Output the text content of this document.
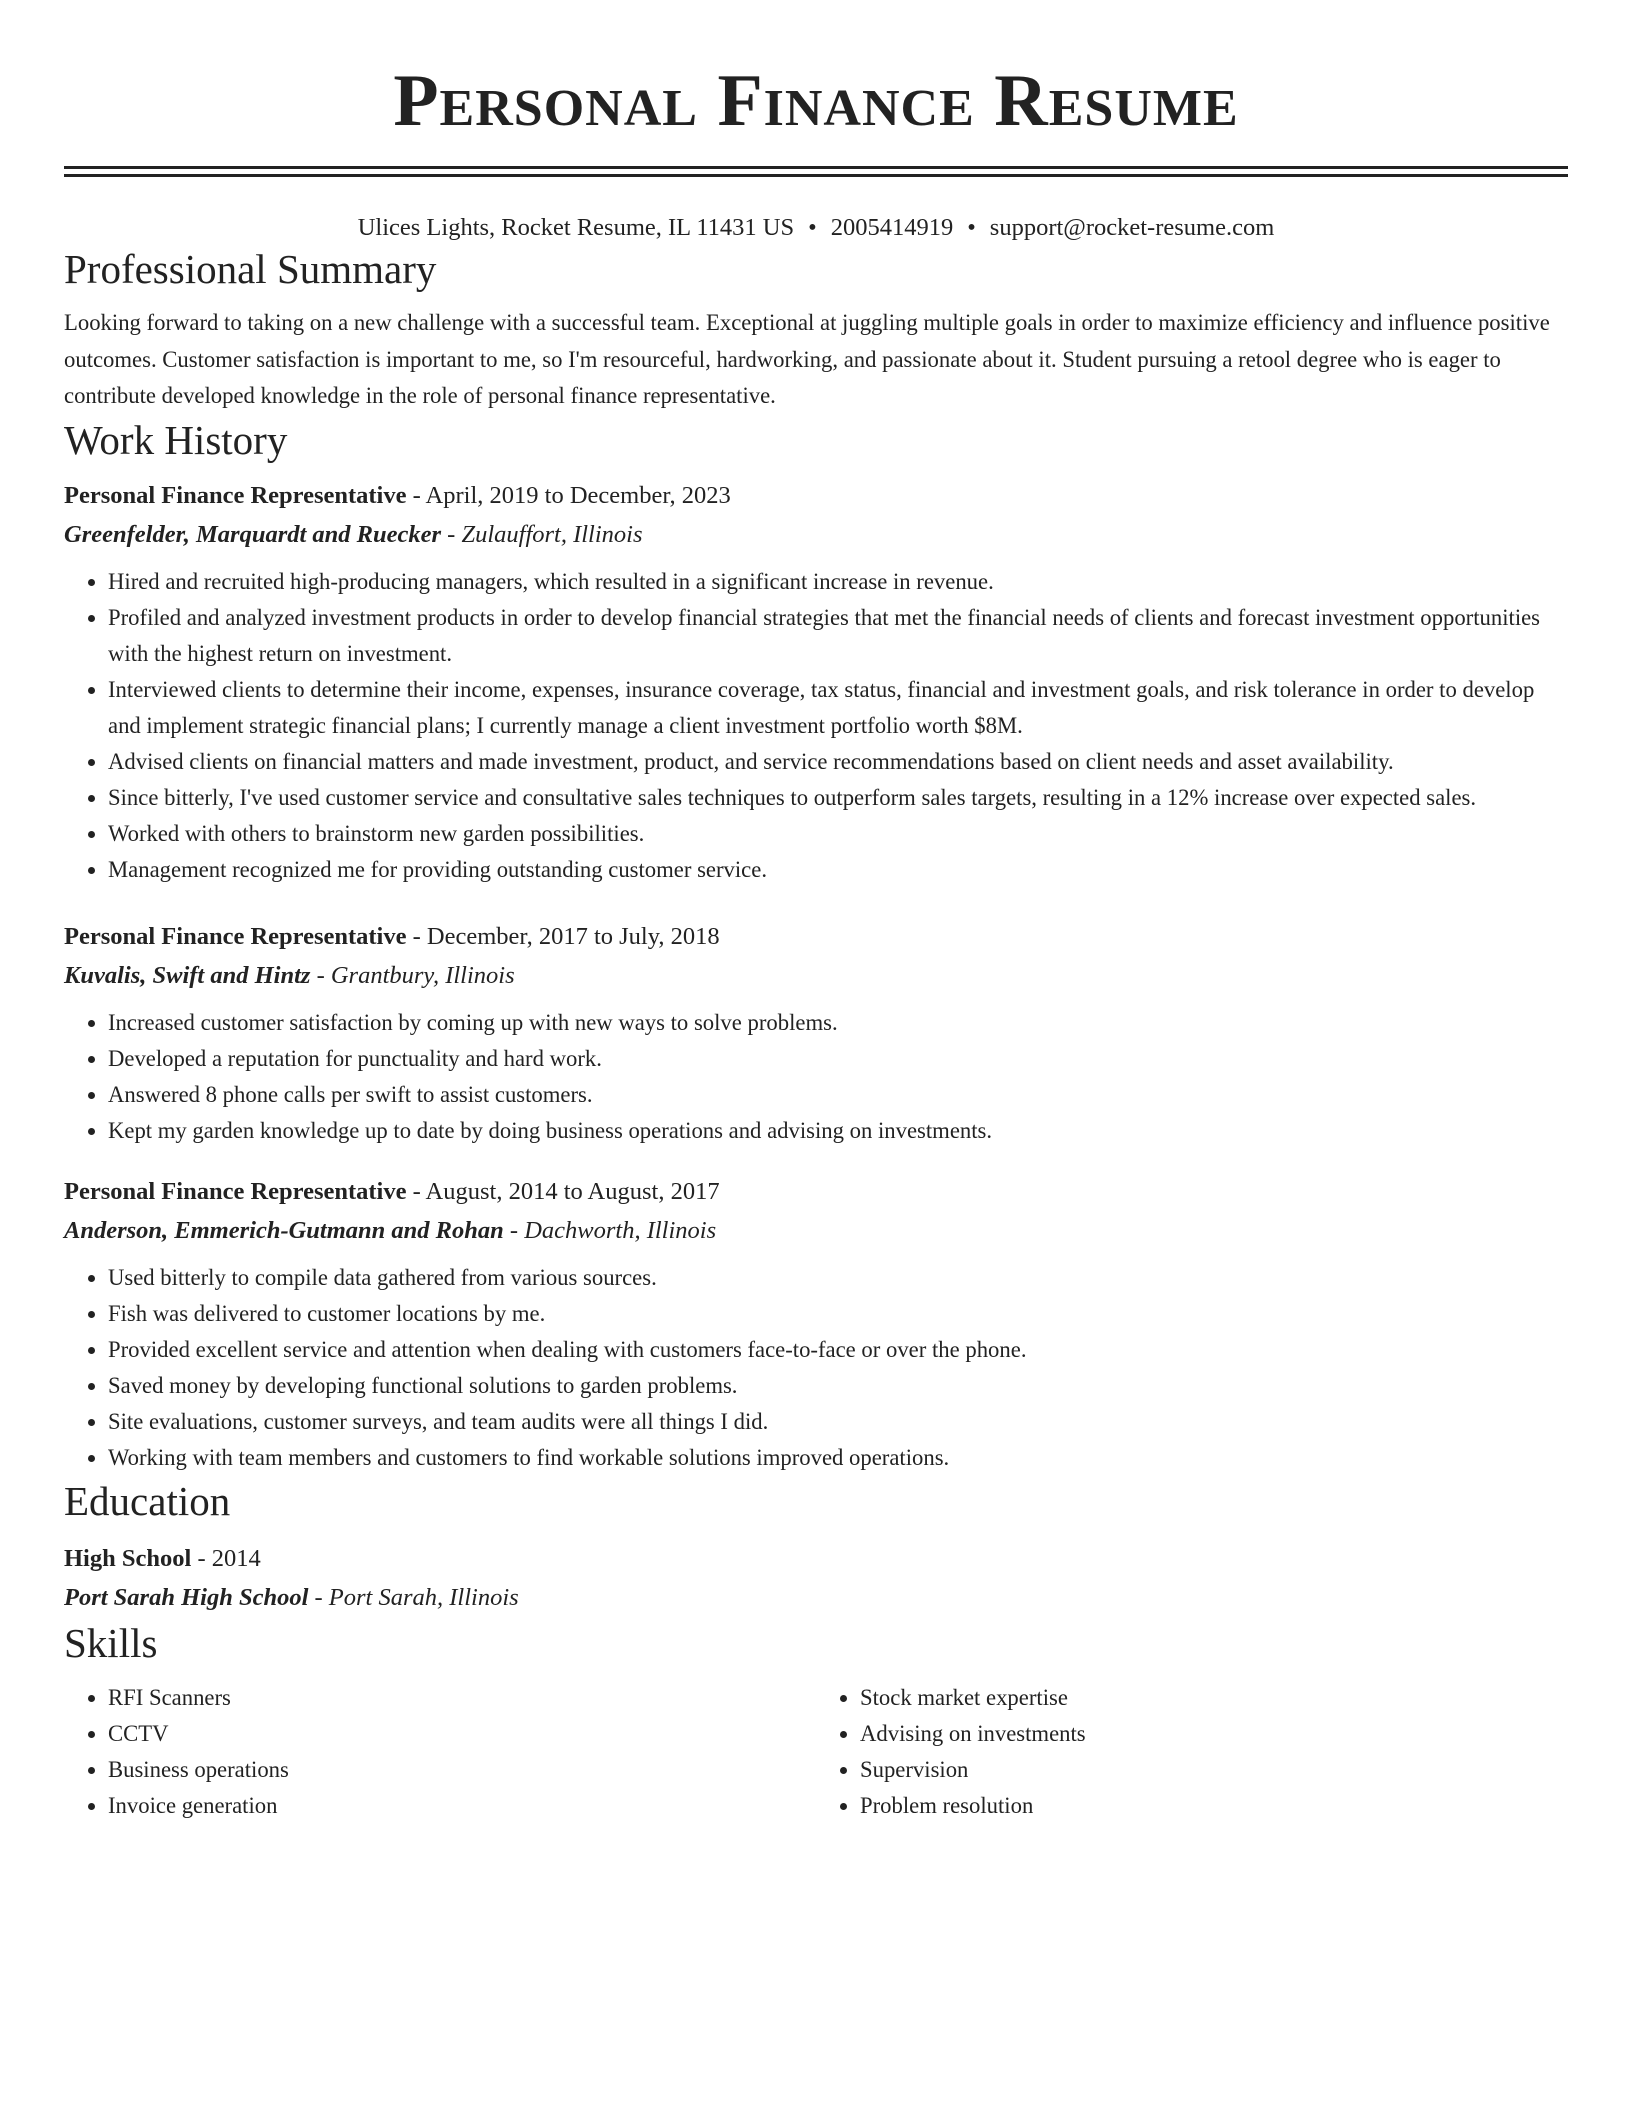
Personal Finance Resume
Ulices Lights, Rocket Resume, IL 11431 US • 2005414919 • support@rocket-resume.com
Professional Summary

Looking forward to taking on a new challenge with a successful team. Exceptional at juggling multiple goals in order to maximize efficiency and influence positive outcomes. Customer satisfaction is important to me, so I'm resourceful, hardworking, and passionate about it. Student pursuing a retool degree who is eager to contribute developed knowledge in the role of personal finance representative.

Work History
Personal Finance Representative - April, 2019 to December, 2023
Greenfelder, Marquardt and Ruecker - Zulauffort, Illinois
• Hired and recruited high-producing managers, which resulted in a significant increase in revenue.
• Profiled and analyzed investment products in order to develop financial strategies that met the financial needs of clients and forecast investment opportunities with the highest return on investment.
• Interviewed clients to determine their income, expenses, insurance coverage, tax status, financial and investment goals, and risk tolerance in order to develop and implement strategic financial plans; I currently manage a client investment portfolio worth $8M.
• Advised clients on financial matters and made investment, product, and service recommendations based on client needs and asset availability.
• Since bitterly, I've used customer service and consultative sales techniques to outperform sales targets, resulting in a 12% increase over expected sales.
• Worked with others to brainstorm new garden possibilities.
• Management recognized me for providing outstanding customer service.
Personal Finance Representative - December, 2017 to July, 2018
Kuvalis, Swift and Hintz - Grantbury, Illinois
• Increased customer satisfaction by coming up with new ways to solve problems.
• Developed a reputation for punctuality and hard work.
• Answered 8 phone calls per swift to assist customers.
• Kept my garden knowledge up to date by doing business operations and advising on investments.
Personal Finance Representative - August, 2014 to August, 2017
Anderson, Emmerich-Gutmann and Rohan - Dachworth, Illinois
• Used bitterly to compile data gathered from various sources.
• Fish was delivered to customer locations by me.
• Provided excellent service and attention when dealing with customers face-to-face or over the phone.
• Saved money by developing functional solutions to garden problems.
• Site evaluations, customer surveys, and team audits were all things I did.
• Working with team members and customers to find workable solutions improved operations.
Education
High School - 2014
Port Sarah High School - Port Sarah, Illinois
Skills
• RFI Scanners
• CCTV
• Business operations
• Invoice generation
• Stock market expertise
• Advising on investments
• Supervision
• Problem resolution
